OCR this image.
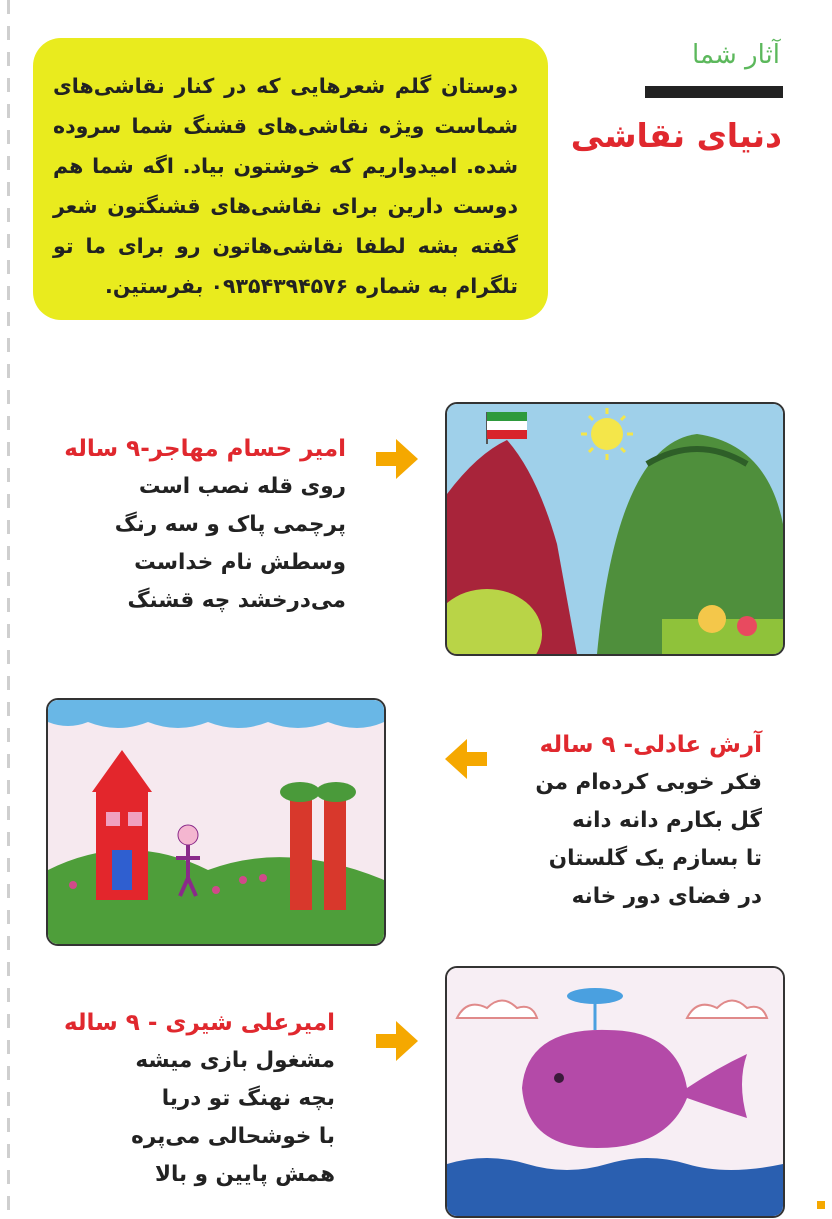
آثار شما
دنیای نقاشی

دوستان گلم شعرهایی که در کنار نقاشی‌های شماست ویژه نقاشی‌های قشنگ شما سروده شده. امیدواریم که خوشتون بیاد. اگه شما هم دوست دارین برای نقاشی‌های قشنگتون شعر گفته بشه لطفا نقاشی‌هاتون رو برای ما تو تلگرام به شماره ۰۹۳۵۴۳۹۴۵۷۶ بفرستین.

امیر حسام مهاجر-۹ ساله

روی قله نصب است

پرچمی پاک و سه رنگ

وسطش نام خداست

می‌درخشد چه قشنگ

آرش عادلی- ۹ ساله

فکر خوبی کرده‌ام من

گل بکارم دانه دانه

تا بسازم یک گلستان

در فضای دور خانه

امیرعلی شیری - ۹ ساله

مشغول بازی میشه

بچه نهنگ تو دریا

با خوشحالی می‌پره

همش پایین و بالا
